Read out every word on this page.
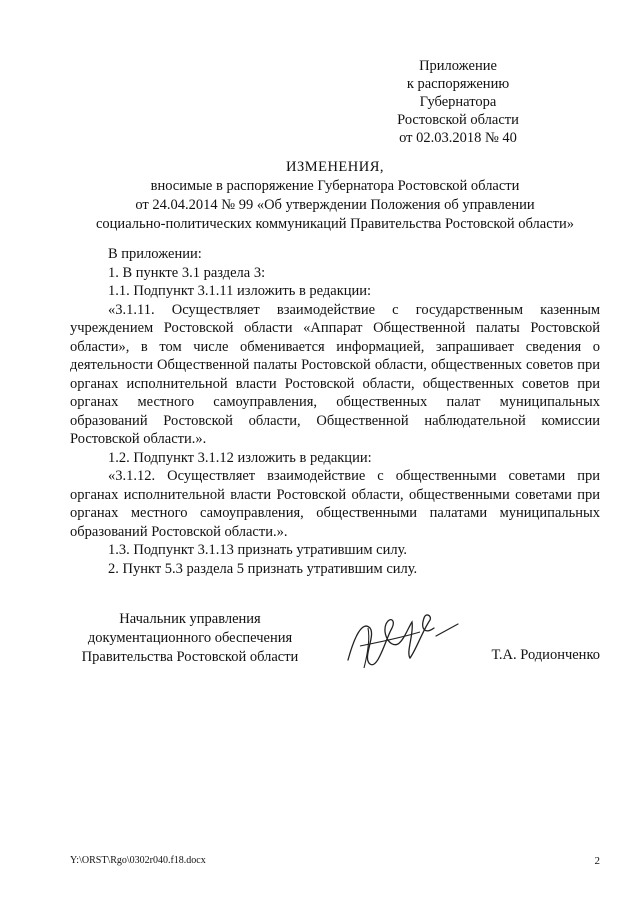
Приложение
к распоряжению
Губернатора
Ростовской области
от 02.03.2018 № 40
ИЗМЕНЕНИЯ,
вносимые в распоряжение Губернатора Ростовской области
от 24.04.2014 № 99 «Об утверждении Положения об управлении
социально-политических коммуникаций Правительства Ростовской области»

В приложении:

1. В пункте 3.1 раздела 3:

1.1. Подпункт 3.1.11 изложить в редакции:

«3.1.11. Осуществляет взаимодействие с государственным казенным учреждением Ростовской области «Аппарат Общественной палаты Ростовской области», в том числе обменивается информацией, запрашивает сведения о деятельности Общественной палаты Ростовской области, общественных советов при органах исполнительной власти Ростовской области, общественных советов при органах местного самоуправления, общественных палат муниципальных образований Ростовской области, Общественной наблюдательной комиссии Ростовской области.».

1.2. Подпункт 3.1.12 изложить в редакции:

«3.1.12. Осуществляет взаимодействие с общественными советами при органах исполнительной власти Ростовской области, общественными советами при органах местного самоуправления, общественными палатами муниципальных образований Ростовской области.».

1.3. Подпункт 3.1.13 признать утратившим силу.

2. Пункт 5.3 раздела 5 признать утратившим силу.

Начальник управления
документационного обеспечения
Правительства Ростовской области	Т.А. Родионченко
Y:\ORST\Rgo\0302r040.f18.docx	2
